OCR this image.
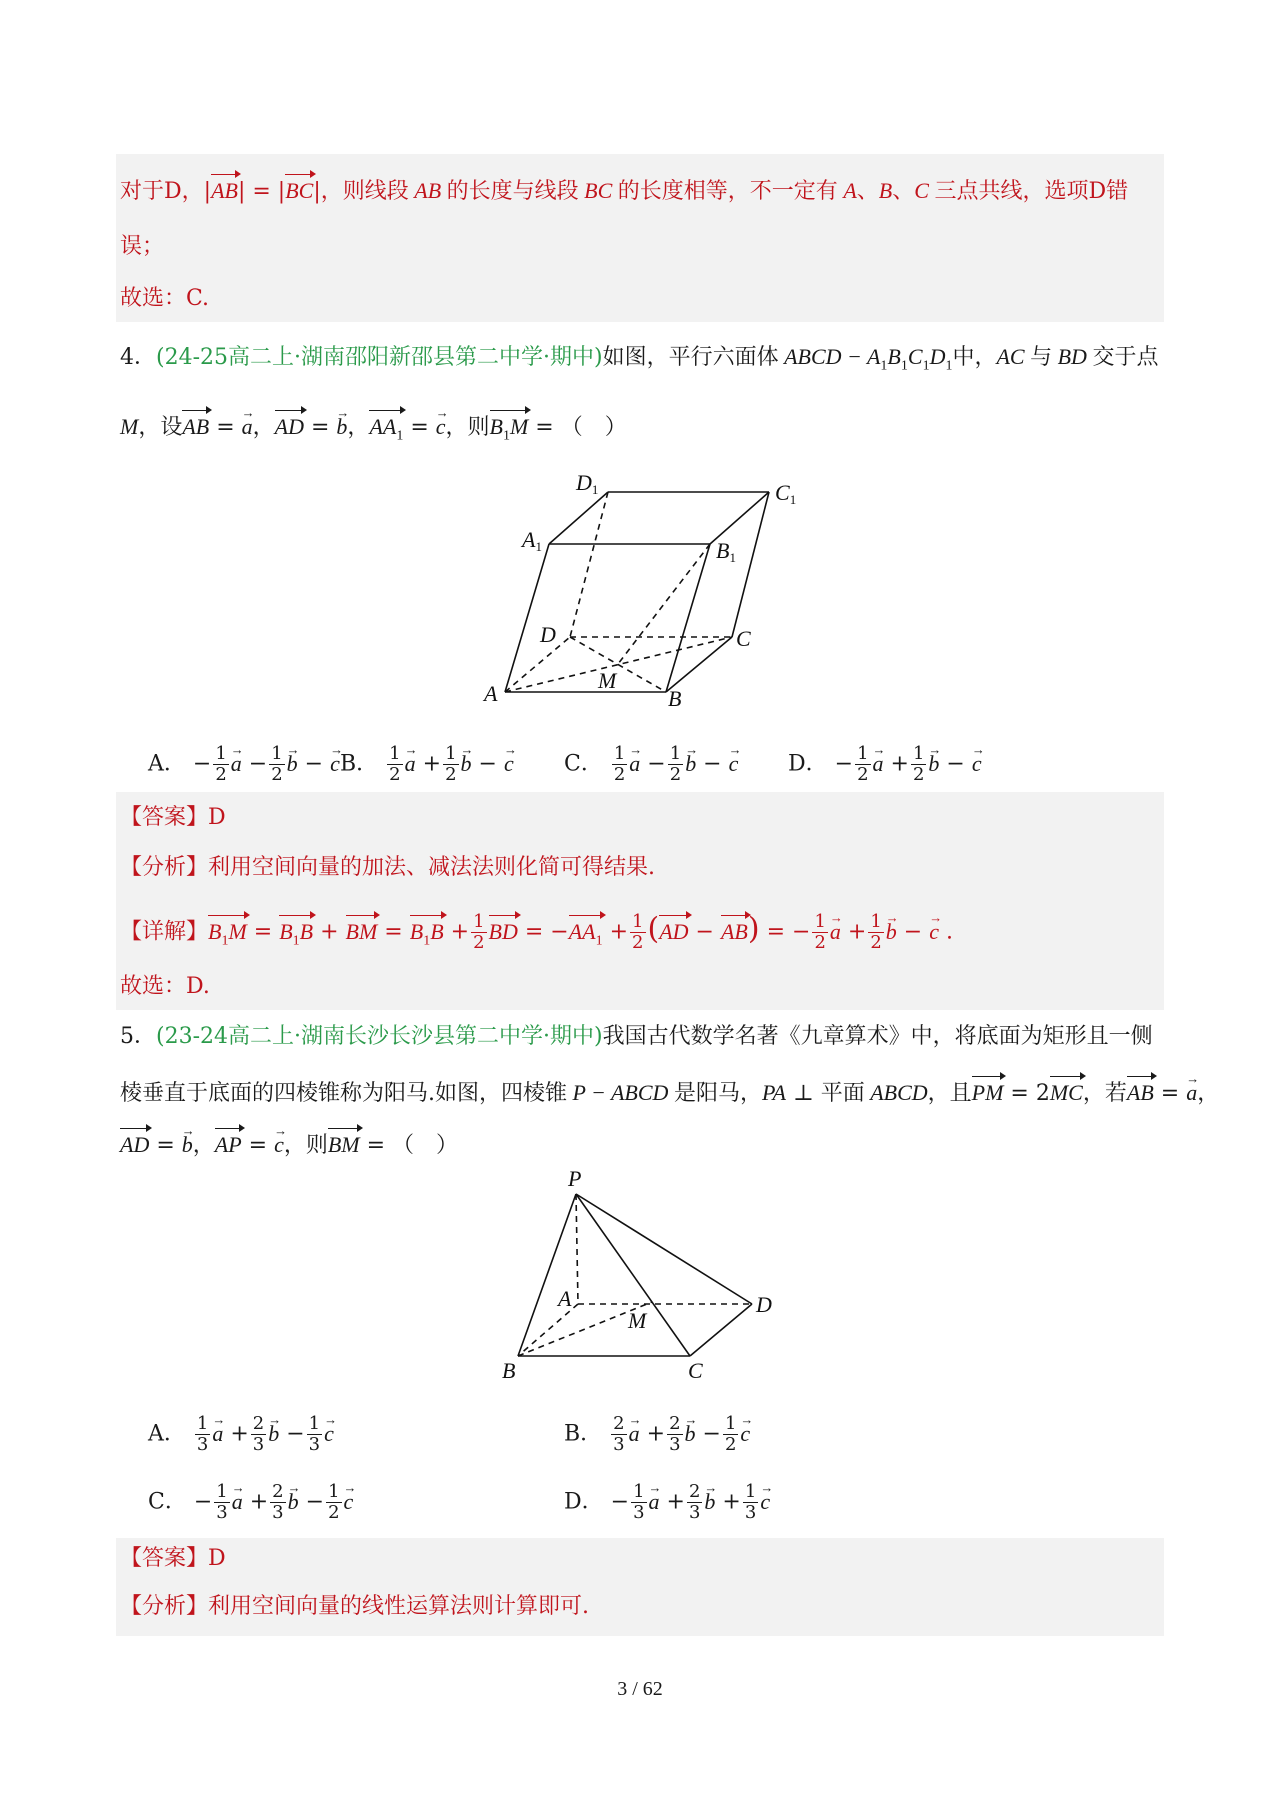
对于D，|AB| = |BC|，则线段 AB 的长度与线段 BC 的长度相等，不一定有 A、B、C 三点共线，选项D错
误；
故选：C.
4．(24-25高二上·湖南邵阳新邵县第二中学·期中)如图，平行六面体 ABCD − $A_1B_1C_1D_1$中，AC 与 BD 交于点
M，设AB = a →，AD = b →，$AA_1 = c$ →，则$B_1M$ = （　）
D1	C1
A1	B1
D	C
A	B
M
A． − $\frac{1}{2}$ a → − $\frac{1}{2}$ b → − c → B． $\frac{1}{2}$ a → + $\frac{1}{2}$ b → − c → C． $\frac{1}{2}$ a → − $\frac{1}{2}$ b → − c → D． − $\frac{1}{2}$ a → + $\frac{1}{2}$ b → − c →
【答案】D
【分析】利用空间向量的加法、减法法则化简可得结果.
【详解】$B_1M = B_1B$ + BM = $B_1B + \frac{1}{2}$ BD = $-AA_1 + \frac{1}{2} (AD - AB)$ = − $\frac{1}{2}$ a → + $\frac{1}{2}$ b → − c → .
故选：D.
5．(23-24高二上·湖南长沙长沙县第二中学·期中)我国古代数学名著《九章算术》中，将底面为矩形且一侧
棱垂直于底面的四棱锥称为阳马.如图，四棱锥 P − ABCD 是阳马，PA ⊥ 平面 ABCD，且PM = 2MC，若AB = a →，
AD = b →，AP = c →，则BM = （　）
P
A
M
D
B	C
A． $\frac{1}{3}$ a → + $\frac{2}{3}$ b → − $\frac{1}{3}$ c →	B． $\frac{2}{3}$ a → + $\frac{2}{3}$ b → − $\frac{1}{2}$ c →
C． − $\frac{1}{3}$ a → + $\frac{2}{3}$ b → − $\frac{1}{2}$ c →	D． − $\frac{1}{3}$ a → + $\frac{2}{3}$ b → + $\frac{1}{3}$ c →
【答案】D
【分析】利用空间向量的线性运算法则计算即可.
3 / 62
